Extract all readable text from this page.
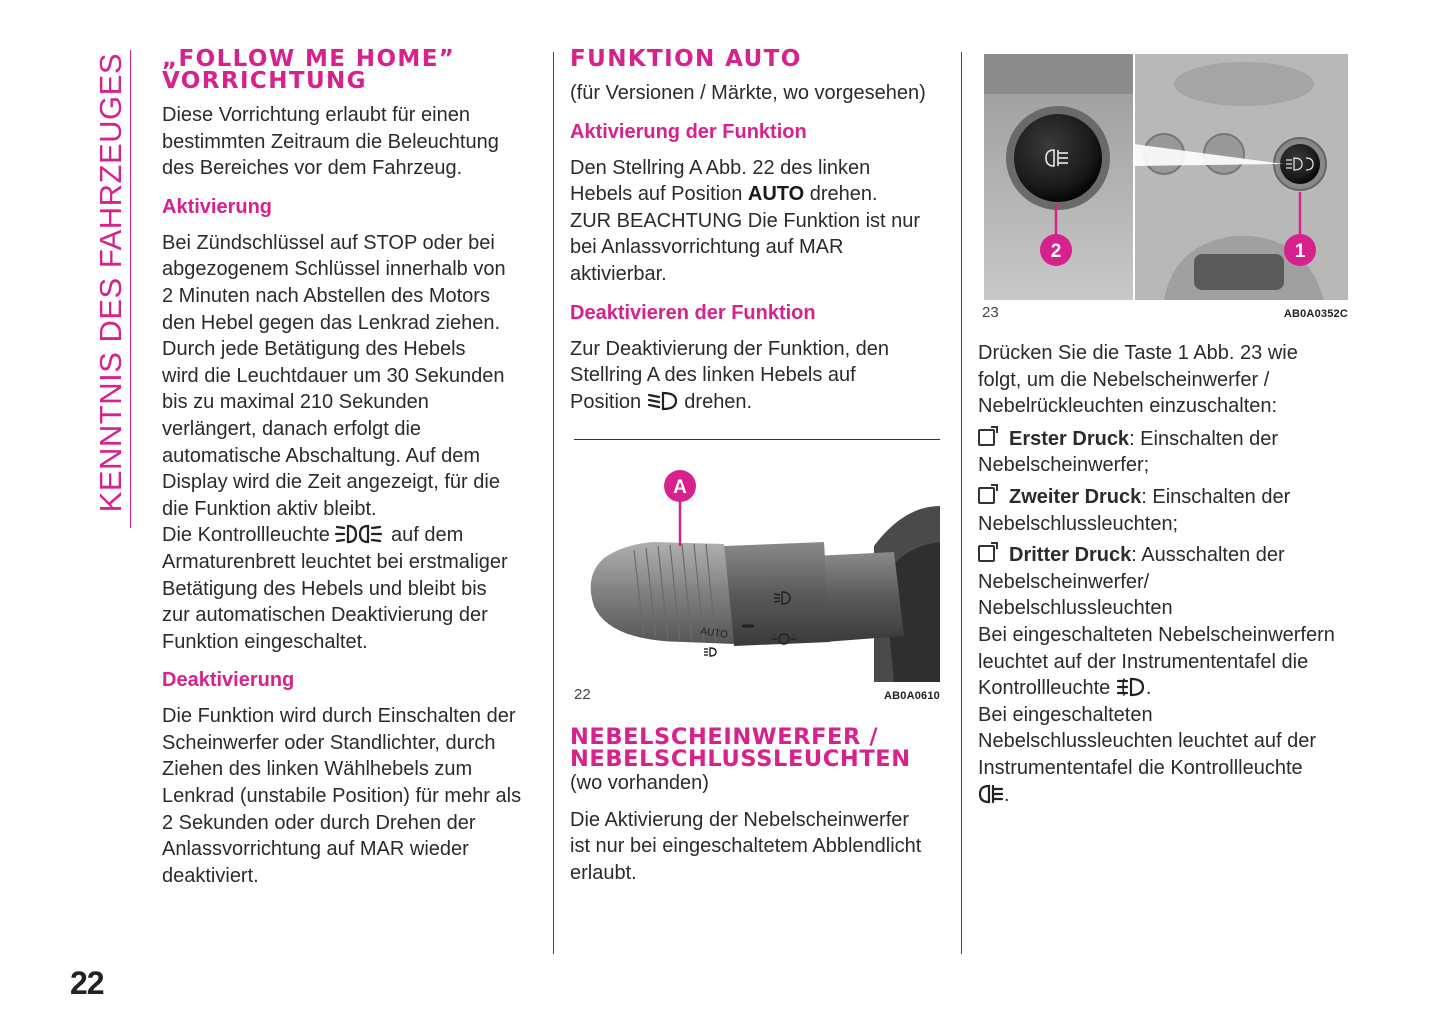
KENNTNIS DES FAHRZEUGES
22
„FOLLOW ME HOME”
VORRICHTUNG
Diese Vorrichtung erlaubt für einen
bestimmten Zeitraum die Beleuchtung
des Bereiches vor dem Fahrzeug.
Aktivierung
Bei Zündschlüssel auf STOP oder bei
abgezogenem Schlüssel innerhalb von
2 Minuten nach Abstellen des Motors
den Hebel gegen das Lenkrad ziehen.
Durch jede Betätigung des Hebels
wird die Leuchtdauer um 30 Sekunden
bis zu maximal 210 Sekunden
verlängert, danach erfolgt die
automatische Abschaltung. Auf dem
Display wird die Zeit angezeigt, für die
die Funktion aktiv bleibt.
Die Kontrollleuchte	auf dem
Armaturenbrett leuchtet bei erstmaliger
Betätigung des Hebels und bleibt bis
zur automatischen Deaktivierung der
Funktion eingeschaltet.
Deaktivierung
Die Funktion wird durch Einschalten der
Scheinwerfer oder Standlichter, durch
Ziehen des linken Wählhebels zum
Lenkrad (unstabile Position) für mehr als
2 Sekunden oder durch Drehen der
Anlassvorrichtung auf MAR wieder
deaktiviert.
FUNKTION AUTO
(für Versionen / Märkte, wo vorgesehen)
Aktivierung der Funktion
Den Stellring A Abb. 22 des linken
Hebels auf Position AUTO drehen.
ZUR BEACHTUNG Die Funktion ist nur
bei Anlassvorrichtung auf MAR
aktivierbar.
Deaktivieren der Funktion
Zur Deaktivierung der Funktion, den
Stellring A des linken Hebels auf
Position drehen.
A
AUTO
22	AB0A0610
NEBELSCHEINWERFER /
NEBELSCHLUSSLEUCHTEN
(wo vorhanden)
Die Aktivierung der Nebelscheinwerfer
ist nur bei eingeschaltetem Abblendlicht
erlaubt.
2	1
23	AB0A0352C
Drücken Sie die Taste 1 Abb. 23 wie
folgt, um die Nebelscheinwerfer /
Nebelrückleuchten einzuschalten:
Erster Druck: Einschalten der
Nebelscheinwerfer;
Zweiter Druck: Einschalten der
Nebelschlussleuchten;
Dritter Druck: Ausschalten der
Nebelscheinwerfer/
Nebelschlussleuchten
Bei eingeschalteten Nebelscheinwerfern
leuchtet auf der Instrumententafel die
Kontrollleuchte .
Bei eingeschalteten
Nebelschlussleuchten leuchtet auf der
Instrumententafel die Kontrollleuchte
.
